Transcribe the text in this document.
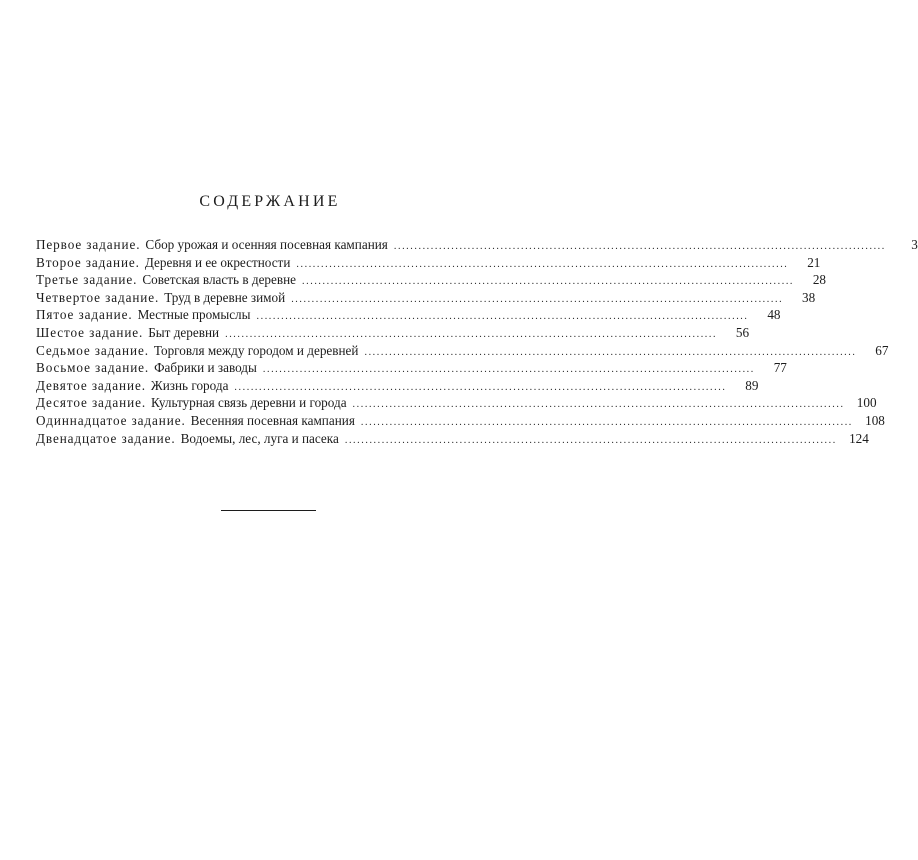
СОДЕРЖАНИЕ
Первое задание. Сбор урожая и осенняя посевная кампания ........................................................................................................................	3
Второе задание. Деревня и ее окрестности ........................................................................................................................	21
Третье задание. Советская власть в деревне ........................................................................................................................	28
Четвертое задание. Труд в деревне зимой ........................................................................................................................	38
Пятое задание. Местные промыслы ........................................................................................................................	48
Шестое задание. Быт деревни ........................................................................................................................	56
Седьмое задание. Торговля между городом и деревней ........................................................................................................................	67
Восьмое задание. Фабрики и заводы ........................................................................................................................	77
Девятое задание. Жизнь города ........................................................................................................................	89
Десятое задание. Культурная связь деревни и города ........................................................................................................................ 100
Одиннадцатое задание. Весенняя посевная кампания ........................................................................................................................ 108
Двенадцатое задание. Водоемы, лес, луга и пасека ........................................................................................................................ 124
